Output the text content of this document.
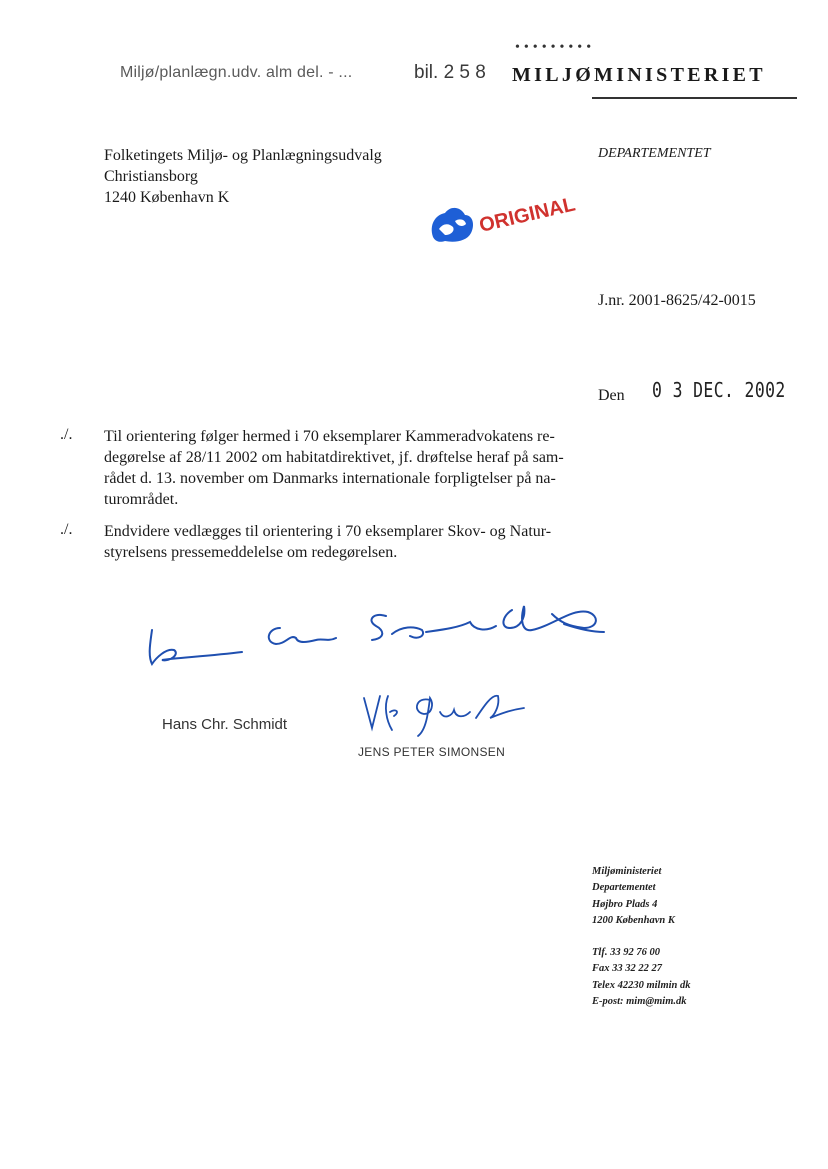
Miljø/planlægn.udv. alm del. - ...
•••••••••
bil. 2 5 8 MILJØMINISTERIET
Folketingets Miljø- og Planlægningsudvalg
Christiansborg
1240 København K
DEPARTEMENTET
ORIGINAL
J.nr. 2001-8625/42-0015
Den 0 3 DEC. 2002
./. Til orientering følger hermed i 70 eksemplarer Kammeradvokatens re-
degørelse af 28/11 2002 om habitatdirektivet, jf. drøftelse heraf på sam-
rådet d. 13. november om Danmarks internationale forpligtelser på na-
turområdet.
./. Endvidere vedlægges til orientering i 70 eksemplarer Skov- og Natur-
styrelsens pressemeddelelse om redegørelsen.
Hans Chr. Schmidt
JENS PETER SIMONSEN
Miljøministeriet
Departementet
Højbro Plads 4
1200 København K
Tlf. 33 92 76 00
Fax 33 32 22 27
Telex 42230 milmin dk
E-post: mim@mim.dk
